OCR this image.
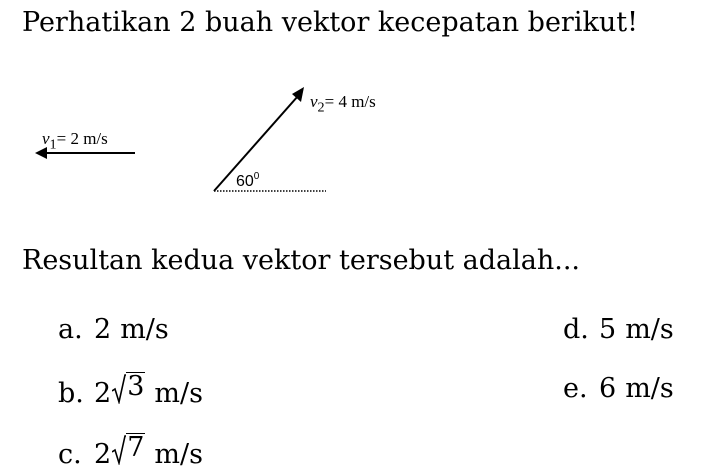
Perhatikan 2 buah vektor kecepatan berikut!
$v_1= 2$ m/s
$v_2= 4$ m/s
$60^0$
Resultan kedua vektor tersebut adalah...
a. 2 m/s
b. 2 3 m/s
c. 2 7 m/s
d. 5 m/s
e. 6 m/s
